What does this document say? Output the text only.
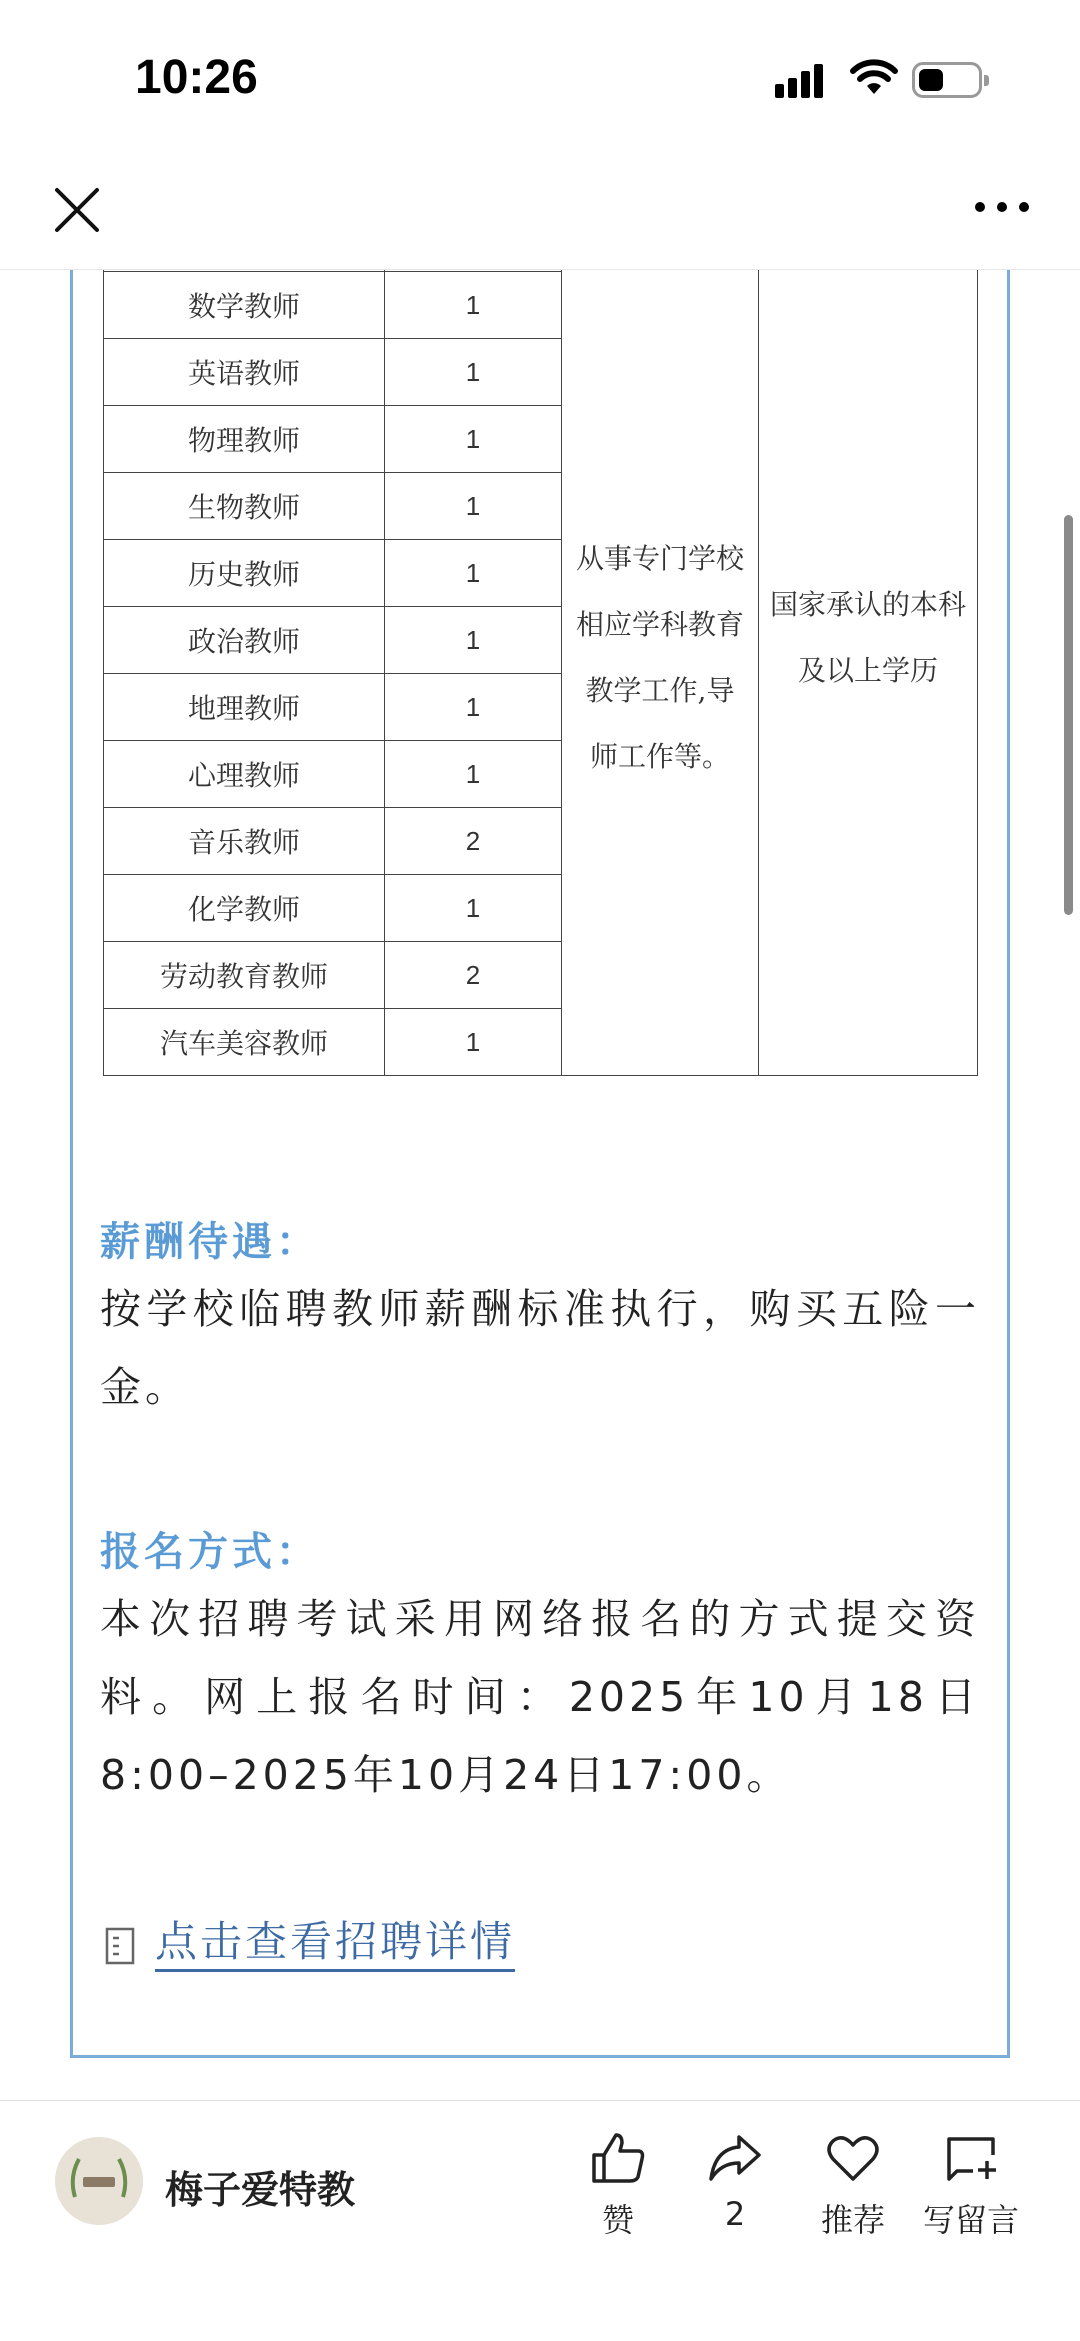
10:26
		从事专门学校相应学科教育教学工作,导师工作等。	国家承认的本科及以上学历
数学教师	1		
英语教师	1		
物理教师	1		
生物教师	1		
历史教师	1		
政治教师	1		
地理教师	1		
心理教师	1		
音乐教师	2		
化学教师	1		
劳动教育教师	2		
汽车美容教师	1		
薪酬待遇：
按学校临聘教师薪酬标准执行，购买五险一金。
报名方式：
本次招聘考试采用网络报名的方式提交资料。网上报名时间：2025年10月18日8:00–2025年10月24日17:00。
点击查看招聘详情
梅子爱特教
赞	2	推荐	写留言
